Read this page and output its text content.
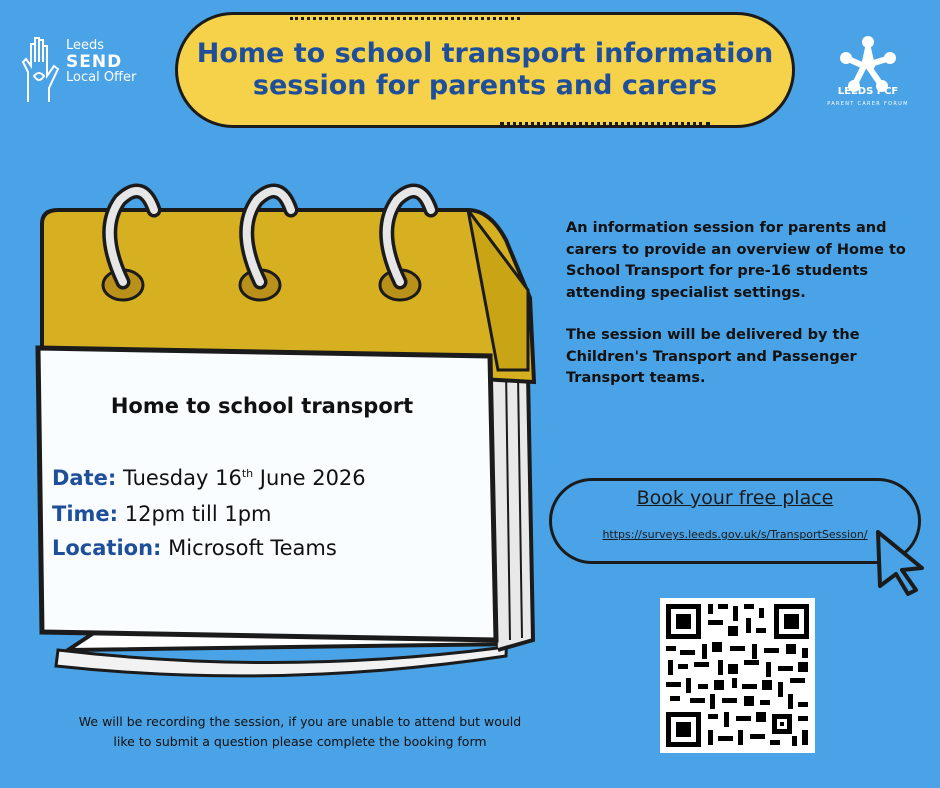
Home to school transport information
session for parents and carers
Leeds
SEND
Local Offer
LEEDS PCF
PARENT CARER FORUM
Home to school transport
Date: Tuesday 16th June 2026
Time: 12pm till 1pm
Location: Microsoft Teams

An information session for parents and carers to provide an overview of Home to School Transport for pre-16 students attending specialist settings.

The session will be delivered by the Children's Transport and Passenger Transport teams.

Book your free place
https://surveys.leeds.gov.uk/s/TransportSession/
We will be recording the session, if you are unable to attend but would
like to submit a question please complete the booking form
